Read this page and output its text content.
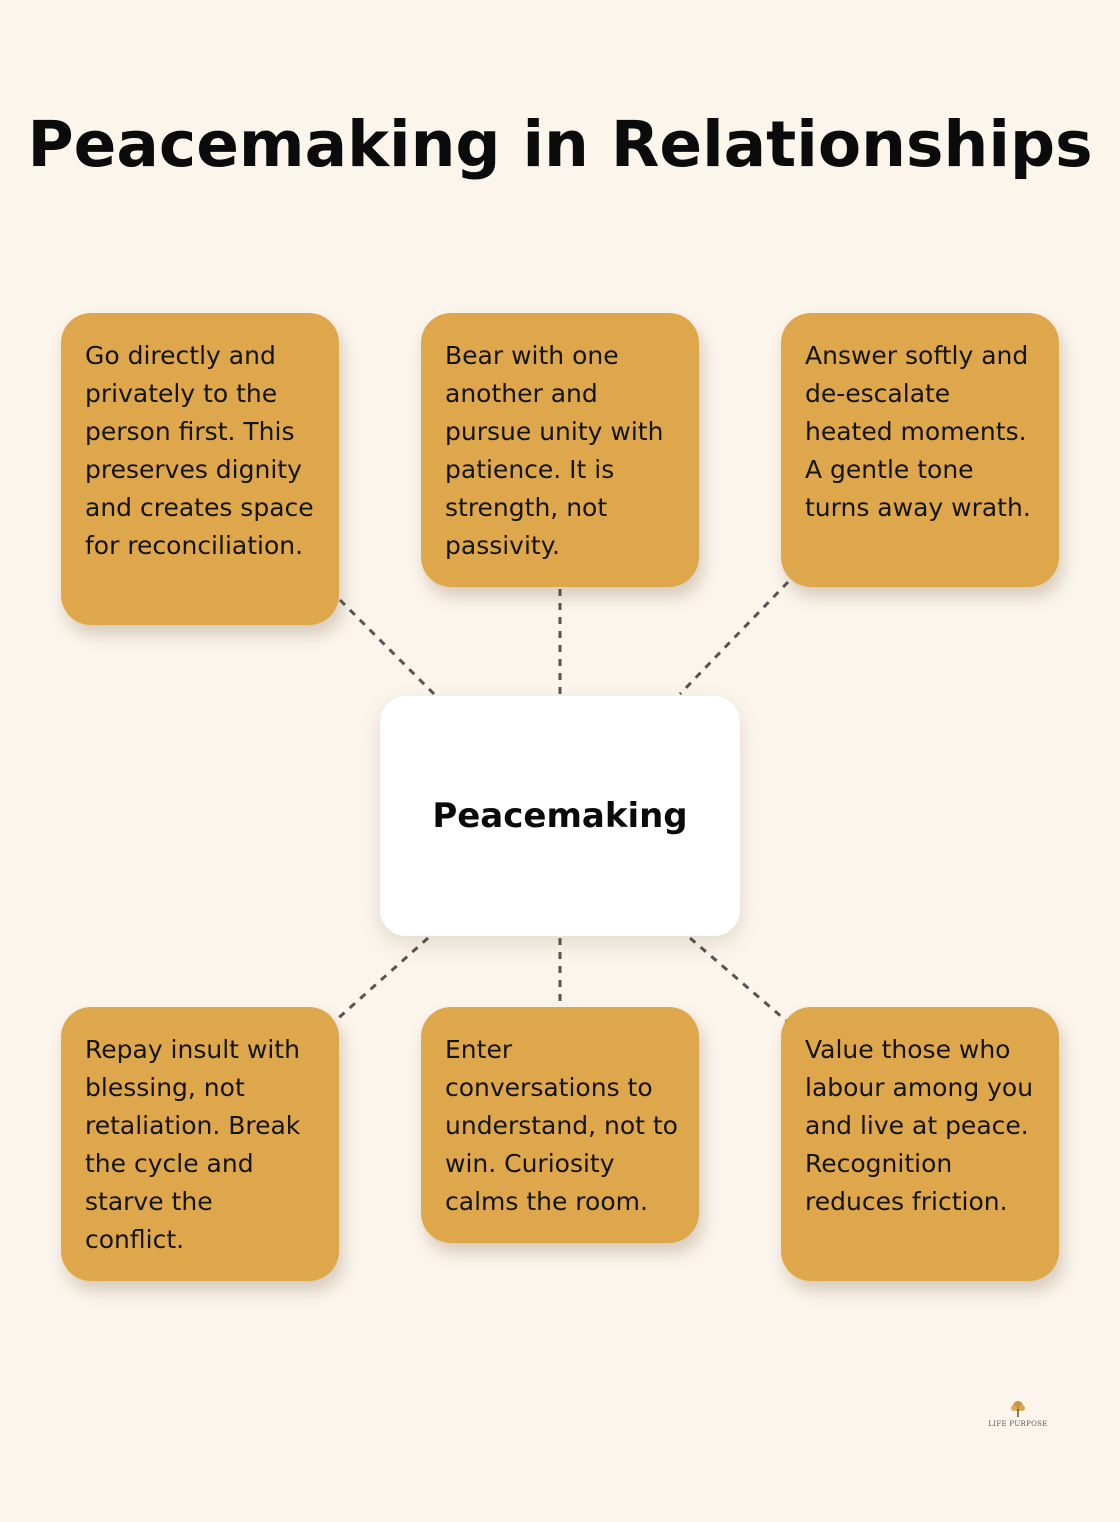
Peacemaking in Relationships
Go directly and privately to the person first. This preserves dignity and creates space for reconciliation.
Bear with one another and pursue unity with patience. It is strength, not passivity.
Answer softly and de-escalate heated moments. A gentle tone turns away wrath.
Peacemaking
Repay insult with blessing, not retaliation. Break the cycle and starve the conflict.
Enter conversations to understand, not to win. Curiosity calms the room.
Value those who labour among you and live at peace. Recognition reduces friction.
LIFE PURPOSE
